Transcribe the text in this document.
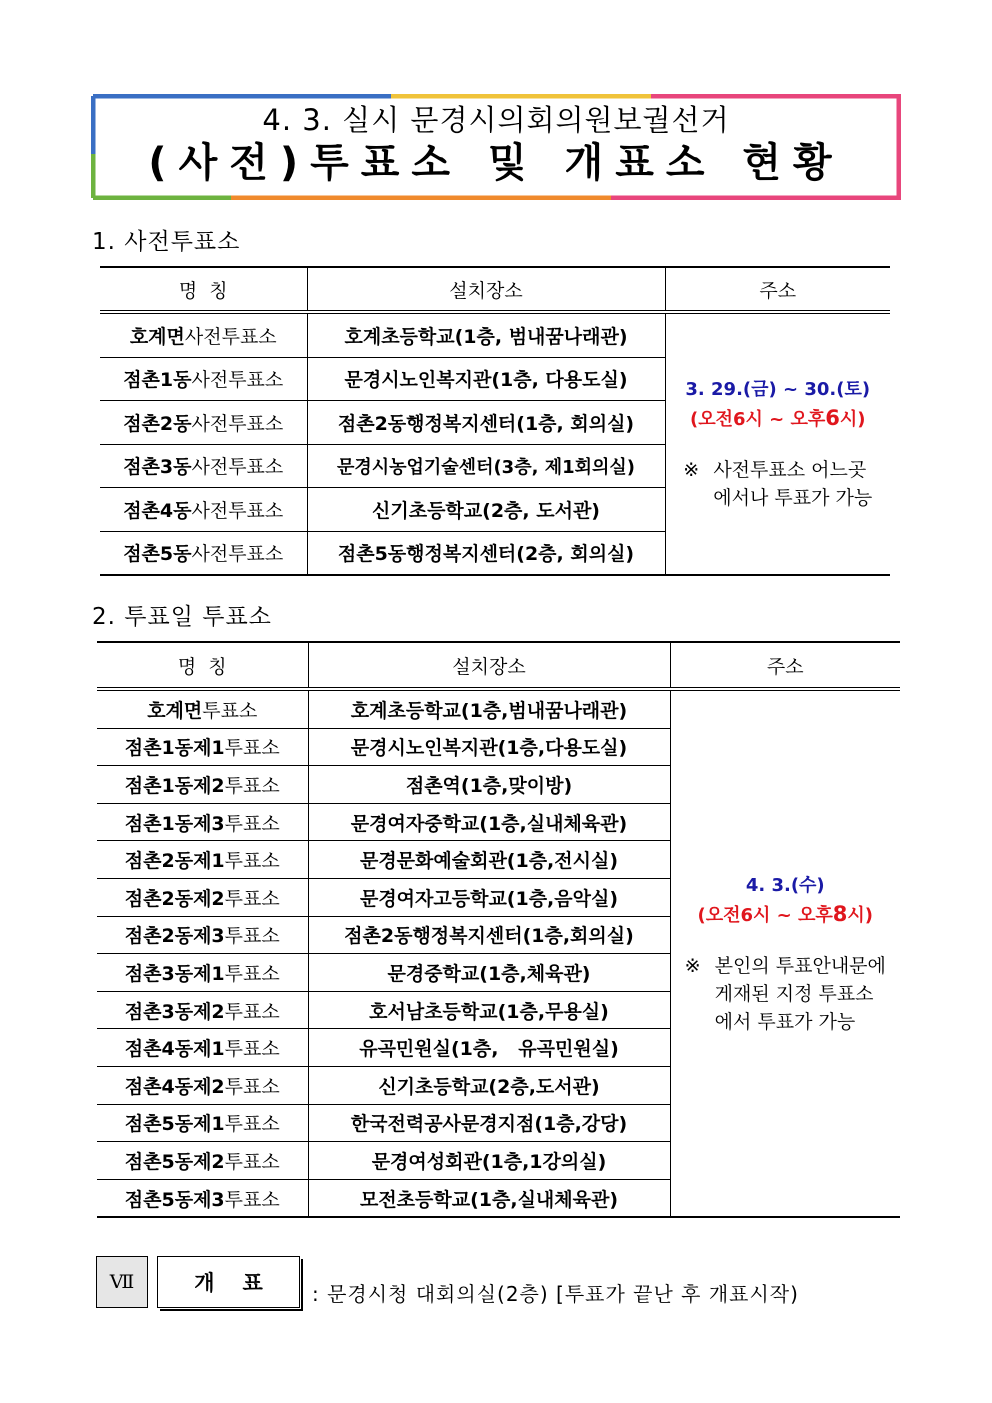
4. 3. 실시 문경시의회의원보궐선거
(사전)투표소 및 개표소 현황
1. 사전투표소
명  칭	설치장소	주소
호계면사전투표소	호계초등학교(1층, 범내꿈나래관)	3. 29.(금) ~ 30.(토)
(오전6시 ~ 오후6시)
※ 사전투표소 어느곳
에서나 투표가 가능

점촌1동사전투표소	문경시노인복지관(1층, 다용도실)	
점촌2동사전투표소	점촌2동행정복지센터(1층, 회의실)	
점촌3동사전투표소	문경시농업기술센터(3층, 제1회의실)	
점촌4동사전투표소	신기초등학교(2층, 도서관)	
점촌5동사전투표소	점촌5동행정복지센터(2층, 회의실)	
2. 투표일 투표소
명  칭	설치장소	주소
호계면투표소	호계초등학교(1층,범내꿈나래관)	4. 3.(수)
(오전6시 ~ 오후8시)
※ 본인의 투표안내문에
게재된 지정 투표소
에서 투표가 가능

점촌1동제1투표소	문경시노인복지관(1층,다용도실)	
점촌1동제2투표소	점촌역(1층,맞이방)	
점촌1동제3투표소	문경여자중학교(1층,실내체육관)	
점촌2동제1투표소	문경문화예술회관(1층,전시실)	
점촌2동제2투표소	문경여자고등학교(1층,음악실)	
점촌2동제3투표소	점촌2동행정복지센터(1층,회의실)	
점촌3동제1투표소	문경중학교(1층,체육관)	
점촌3동제2투표소	호서남초등학교(1층,무용실)	
점촌4동제1투표소	유곡민원실(1층,   유곡민원실)	
점촌4동제2투표소	신기초등학교(2층,도서관)	
점촌5동제1투표소	한국전력공사문경지점(1층,강당)	
점촌5동제2투표소	문경여성회관(1층,1강의실)	
점촌5동제3투표소	모전초등학교(1층,실내체육관)	
Ⅶ	개표	: 문경시청 대회의실(2층) [투표가 끝난 후 개표시작)
